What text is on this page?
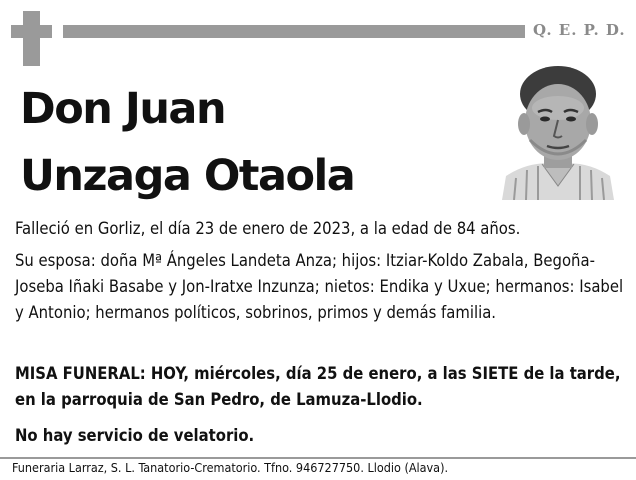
Q. E. P. D.
Don Juan
Unzaga Otaola

Falleció en Gorliz, el día 23 de enero de 2023, a la edad de 84 años.

Su esposa: doña Mª Ángeles Landeta Anza; hijos: Itziar-Koldo Zabala, Begoña-Joseba Iñaki Basabe y Jon-Iratxe Inzunza; nietos: Endika y Uxue; hermanos: Isabel y Antonio; hermanos políticos, sobrinos, primos y demás familia.

MISA FUNERAL: HOY, miércoles, día 25 de enero, a las SIETE de la tarde, en la parroquia de San Pedro, de Lamuza-Llodio.

No hay servicio de velatorio.

Funeraria Larraz, S. L. Tanatorio-Crematorio. Tfno. 946727750. Llodio (Alava).
